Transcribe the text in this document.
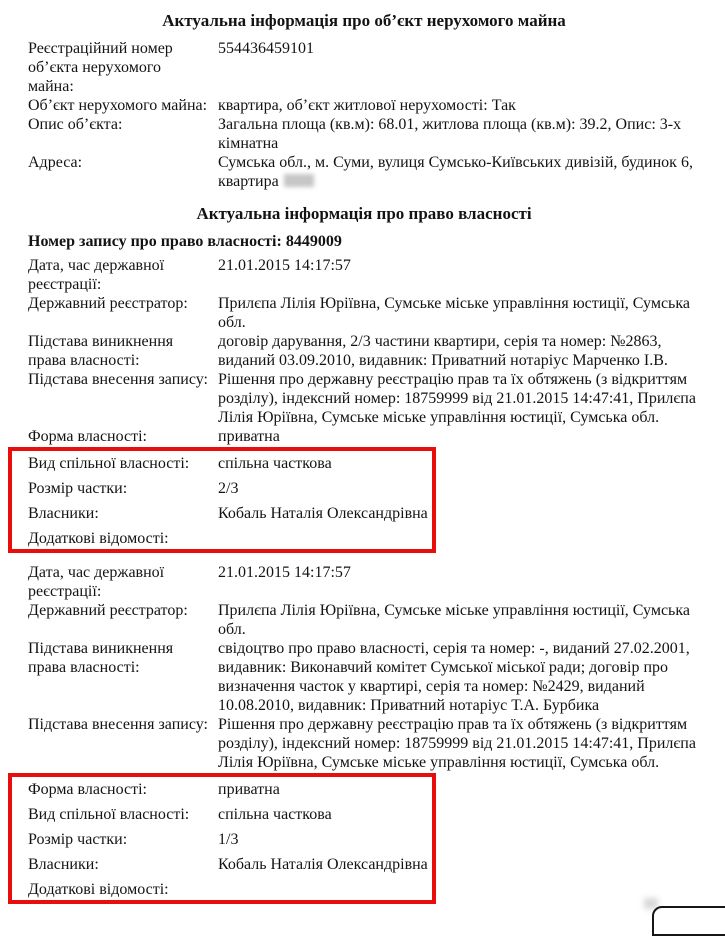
Актуальна інформація про об’єкт нерухомого майна
Реєстраційний номер об’єкта нерухомого майна:
554436459101
Об’єкт нерухомого майна: квартира, об’єкт житлової нерухомості: Так
Опис об’єкта:	Загальна площа (кв.м): 68.01, житлова площа (кв.м): 39.2, Опис: 3-х кімнатна
Адреса:	Сумська обл., м. Суми, вулиця Сумсько-Київських дивізій, будинок 6, квартира
Актуальна інформація про право власності
Номер запису про право власності: 8449009
Дата, час державної реєстрації:
21.01.2015 14:17:57
Державний реєстратор:	Прилєпа Лілія Юріївна, Сумське міське управління юстиції, Сумська обл.
Підстава виникнення права власності:
договір дарування, 2/3 частини квартири, серія та номер: №2863, виданий 03.09.2010, видавник: Приватний нотаріус Марченко І.В.
Підстава внесення запису: Рішення про державну реєстрацію прав та їх обтяжень (з відкриттям розділу), індексний номер: 18759999 від 21.01.2015 14:47:41, Прилєпа Лілія Юріївна, Сумське міське управління юстиції, Сумська обл.
Форма власності:	приватна
Вид спільної власності:	спільна часткова
Розмір частки:	2/3
Власники:	Кобаль Наталія Олександрівна
Додаткові відомості:
Дата, час державної реєстрації:
21.01.2015 14:17:57
Державний реєстратор:	Прилєпа Лілія Юріївна, Сумське міське управління юстиції, Сумська обл.
Підстава виникнення права власності:
свідоцтво про право власності, серія та номер: -, виданий 27.02.2001, видавник: Виконавчий комітет Сумської міської ради; договір про визначення часток у квартирі, серія та номер: №2429, виданий 10.08.2010, видавник: Приватний нотаріус Т.А. Бурбика
Підстава внесення запису: Рішення про державну реєстрацію прав та їх обтяжень (з відкриттям розділу), індексний номер: 18759999 від 21.01.2015 14:47:41, Прилєпа Лілія Юріївна, Сумське міське управління юстиції, Сумська обл.
Форма власності:	приватна
Вид спільної власності:	спільна часткова
Розмір частки:	1/3
Власники:	Кобаль Наталія Олександрівна
Додаткові відомості:
